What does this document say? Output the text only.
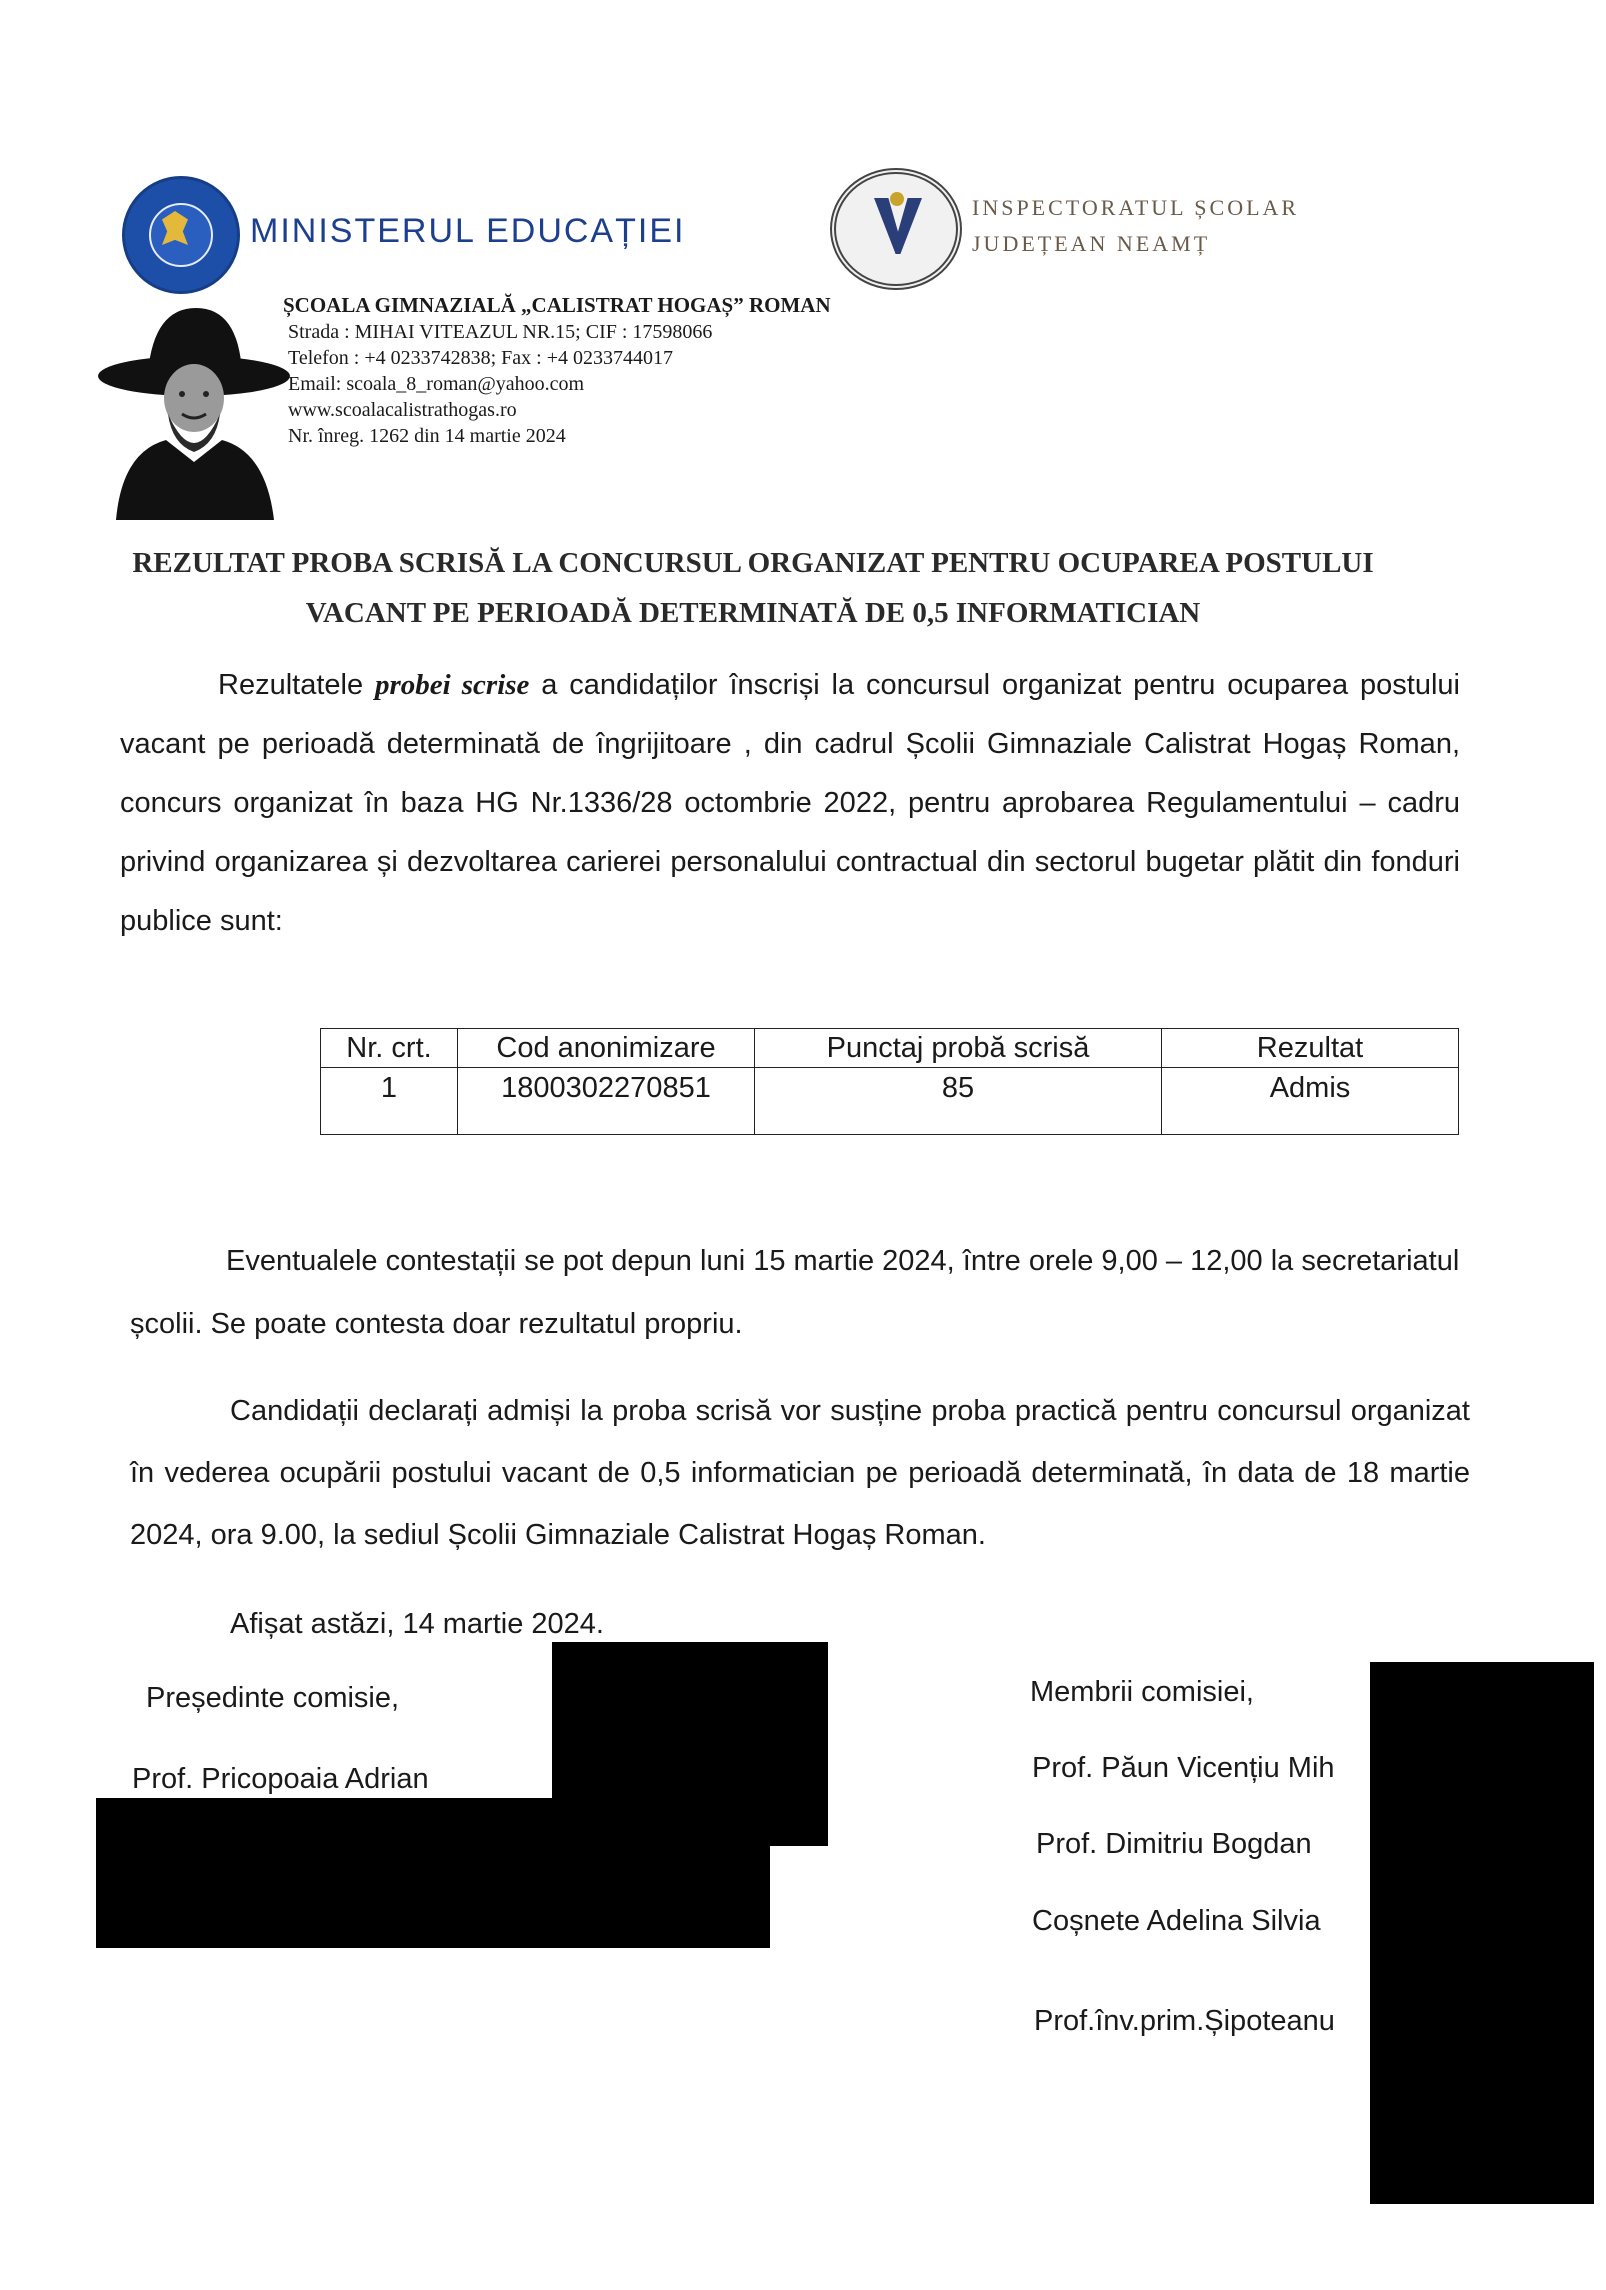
MINISTERUL EDUCAȚIEI
INSPECTORATUL ȘCOLAR
JUDEȚEAN NEAMȚ
ȘCOALA GIMNAZIALĂ „CALISTRAT HOGAȘ” ROMAN
Strada : MIHAI VITEAZUL NR.15; CIF : 17598066
Telefon : +4 0233742838; Fax : +4 0233744017
Email: scoala_8_roman@yahoo.com
www.scoalacalistrathogas.ro
Nr. înreg. 1262 din 14 martie 2024
REZULTAT PROBA SCRISĂ LA CONCURSUL ORGANIZAT PENTRU OCUPAREA POSTULUI
VACANT PE PERIOADĂ DETERMINATĂ DE 0,5 INFORMATICIAN
Rezultatele probei scrise a candidaților înscriși la concursul organizat pentru ocuparea postului vacant pe perioadă determinată de îngrijitoare , din cadrul Școlii Gimnaziale Calistrat Hogaș Roman, concurs organizat în baza HG Nr.1336/28 octombrie 2022, pentru aprobarea Regulamentului – cadru privind organizarea și dezvoltarea carierei personalului contractual din sectorul bugetar plătit din fonduri publice sunt:
Nr. crt.	Cod anonimizare	Punctaj probă scrisă	Rezultat
1	1800302270851	85	Admis
Eventualele contestații se pot depun luni 15 martie 2024, între orele 9,00 – 12,00 la secretariatul școlii. Se poate contesta doar rezultatul propriu.
Candidații declarați admiși la proba scrisă vor susține proba practică pentru concursul organizat în vederea ocupării postului vacant de 0,5 informatician pe perioadă determinată, în data de 18 martie 2024, ora 9.00, la sediul Școlii Gimnaziale Calistrat Hogaș Roman.
Afișat astăzi, 14 martie 2024.
Președinte comisie,
Prof. Pricopoaia Adrian
Membrii comisiei,
Prof. Păun Vicențiu Mih
Prof. Dimitriu Bogdan
Coșnete Adelina Silvia
Prof.înv.prim.Șipoteanu
